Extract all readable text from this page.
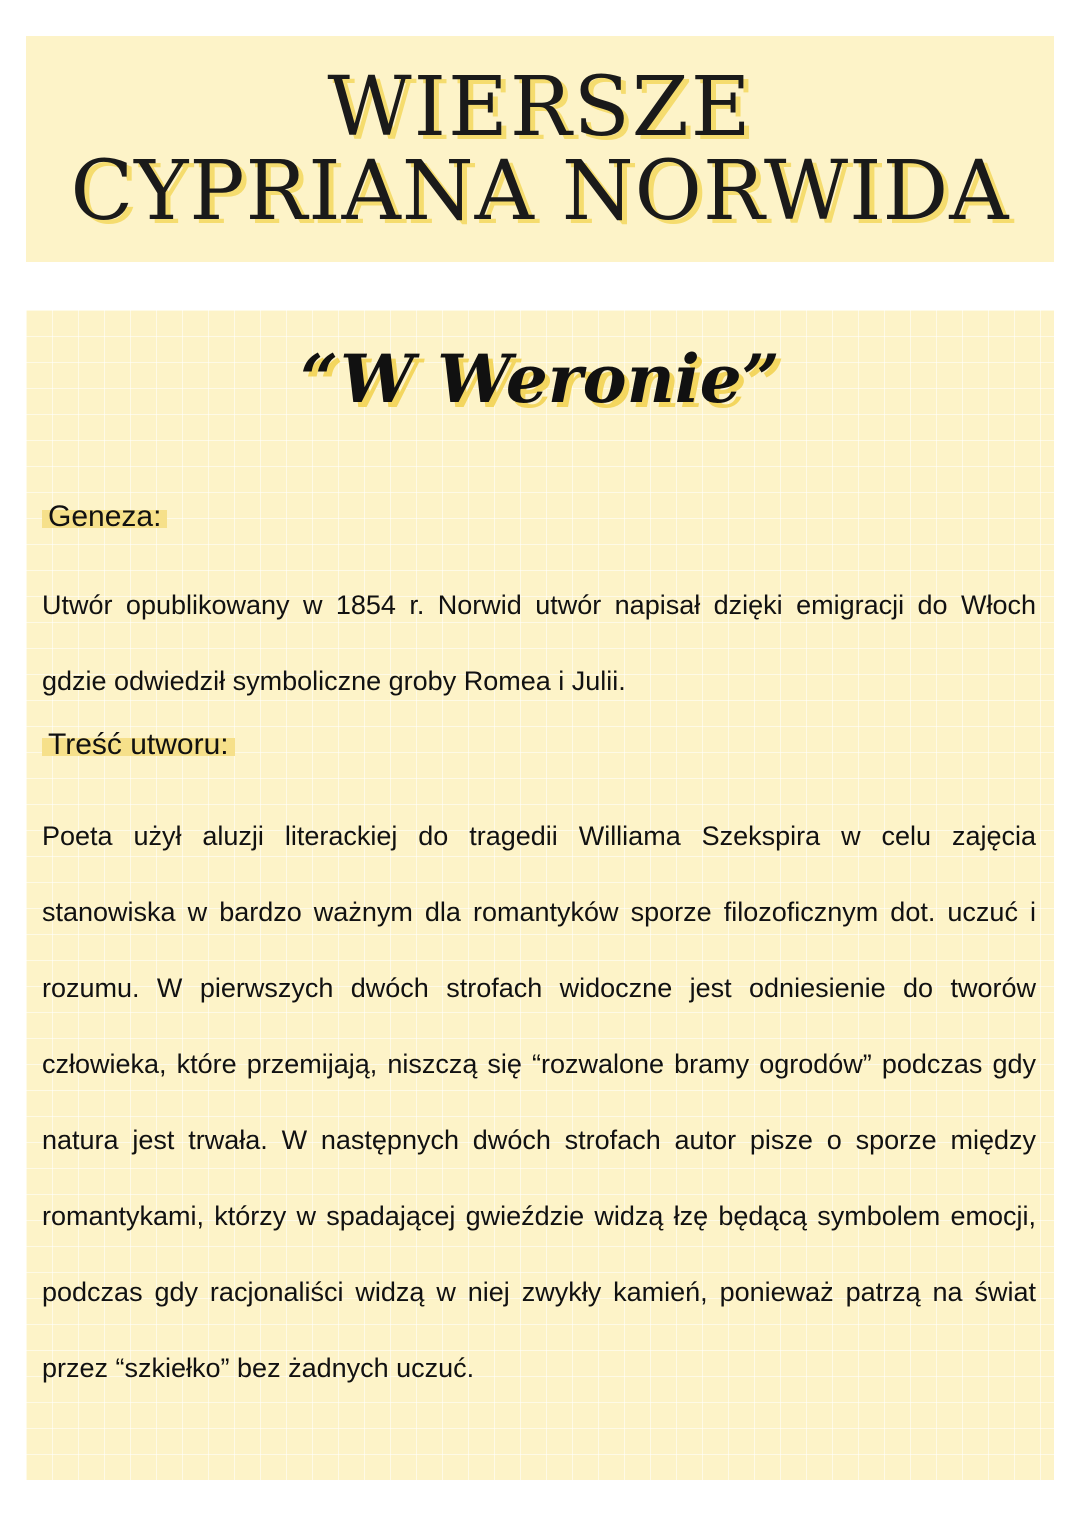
WIERSZE
CYPRIANA NORWIDA
“W Weronie”

Geneza:

Utwór opublikowany w 1854 r. Norwid utwór napisał dzięki emigracji do Włoch gdzie odwiedził symboliczne groby Romea i Julii.

Treść utworu:

Poeta użył aluzji literackiej do tragedii Williama Szekspira w celu zajęcia stanowiska w bardzo ważnym dla romantyków sporze filozoficznym dot. uczuć i rozumu. W pierwszych dwóch strofach widoczne jest odniesienie do tworów człowieka, które przemijają, niszczą się “rozwalone bramy ogrodów” podczas gdy natura jest trwała. W następnych dwóch strofach autor pisze o sporze między romantykami, którzy w spadającej gwieździe widzą łzę będącą symbolem emocji, podczas gdy racjonaliści widzą w niej zwykły kamień, ponieważ patrzą na świat przez “szkiełko” bez żadnych uczuć.
